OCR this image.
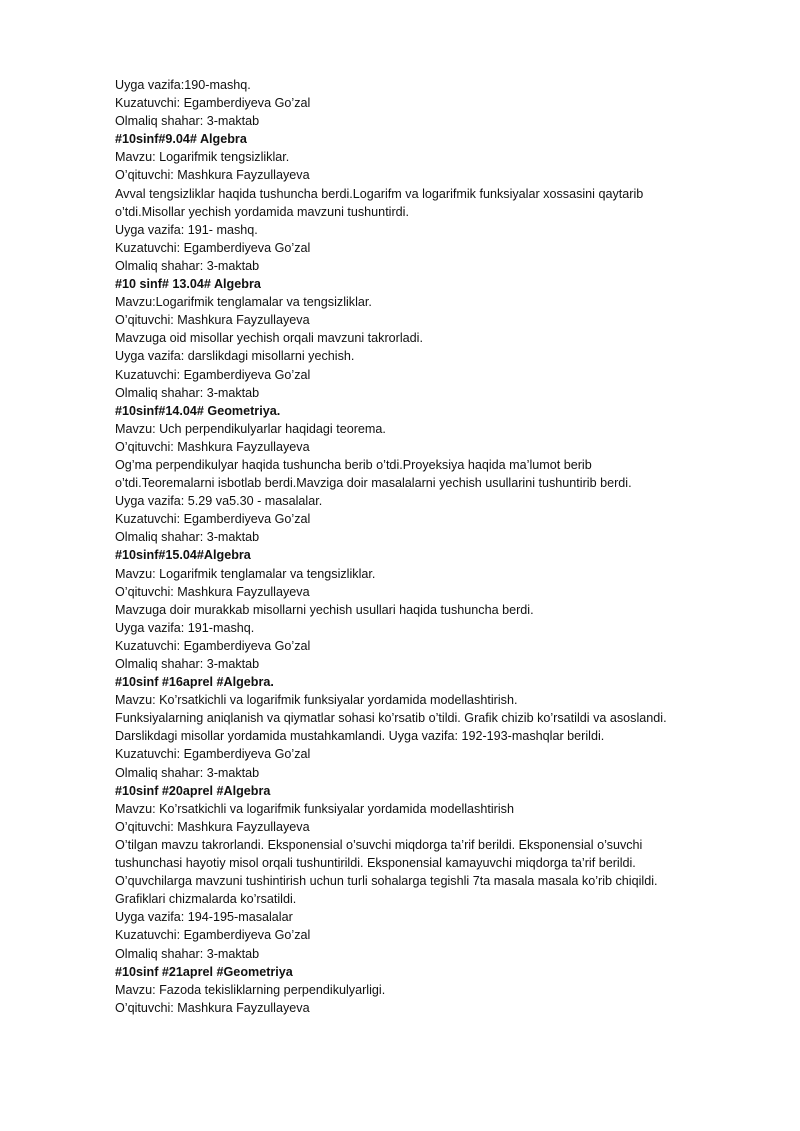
Uyga vazifa:190-mashq.
Kuzatuvchi: Egamberdiyeva Go’zal
Olmaliq shahar: 3-maktab
#10sinf#9.04# Algebra
Mavzu: Logarifmik tengsizliklar.
O’qituvchi: Mashkura Fayzullayeva
Avval tengsizliklar haqida tushuncha berdi.Logarifm va logarifmik funksiyalar xossasini qaytarib
o’tdi.Misollar yechish yordamida mavzuni tushuntirdi.
Uyga vazifa: 191- mashq.
Kuzatuvchi: Egamberdiyeva Go’zal
Olmaliq shahar: 3-maktab
#10 sinf# 13.04# Algebra
Mavzu:Logarifmik tenglamalar va tengsizliklar.
O’qituvchi: Mashkura Fayzullayeva
Mavzuga oid misollar yechish orqali mavzuni takrorladi.
Uyga vazifa: darslikdagi misollarni yechish.
Kuzatuvchi: Egamberdiyeva Go’zal
Olmaliq shahar: 3-maktab
#10sinf#14.04# Geometriya.
Mavzu: Uch perpendikulyarlar haqidagi teorema.
O’qituvchi: Mashkura Fayzullayeva
Og’ma perpendikulyar haqida tushuncha berib o’tdi.Proyeksiya haqida ma’lumot berib
o’tdi.Teoremalarni isbotlab berdi.Mavziga doir masalalarni yechish usullarini tushuntirib berdi.
Uyga vazifa: 5.29 va5.30 - masalalar.
Kuzatuvchi: Egamberdiyeva Go’zal
Olmaliq shahar: 3-maktab
#10sinf#15.04#Algebra
Mavzu: Logarifmik tenglamalar va tengsizliklar.
O’qituvchi: Mashkura Fayzullayeva
Mavzuga doir murakkab misollarni yechish usullari haqida tushuncha berdi.
Uyga vazifa: 191-mashq.
Kuzatuvchi: Egamberdiyeva Go’zal
Olmaliq shahar: 3-maktab
#10sinf #16aprel #Algebra.
Mavzu: Ko’rsatkichli va logarifmik funksiyalar yordamida modellashtirish.
Funksiyalarning aniqlanish va qiymatlar sohasi ko’rsatib o’tildi. Grafik chizib ko’rsatildi va asoslandi.
Darslikdagi misollar yordamida mustahkamlandi. Uyga vazifa: 192-193-mashqlar berildi.
Kuzatuvchi: Egamberdiyeva Go’zal
Olmaliq shahar: 3-maktab
#10sinf #20aprel #Algebra
Mavzu: Ko’rsatkichli va logarifmik funksiyalar yordamida modellashtirish
O’qituvchi: Mashkura Fayzullayeva
O’tilgan mavzu takrorlandi. Eksponensial o’suvchi miqdorga ta’rif berildi. Eksponensial o’suvchi
tushunchasi hayotiy misol orqali tushuntirildi. Eksponensial kamayuvchi miqdorga ta’rif berildi.
O’quvchilarga mavzuni tushintirish uchun turli sohalarga tegishli 7ta masala masala ko’rib chiqildi.
Grafiklari chizmalarda ko’rsatildi.
Uyga vazifa: 194-195-masalalar
Kuzatuvchi: Egamberdiyeva Go’zal
Olmaliq shahar: 3-maktab
#10sinf #21aprel #Geometriya
Mavzu: Fazoda tekisliklarning perpendikulyarligi.
O’qituvchi: Mashkura Fayzullayeva
